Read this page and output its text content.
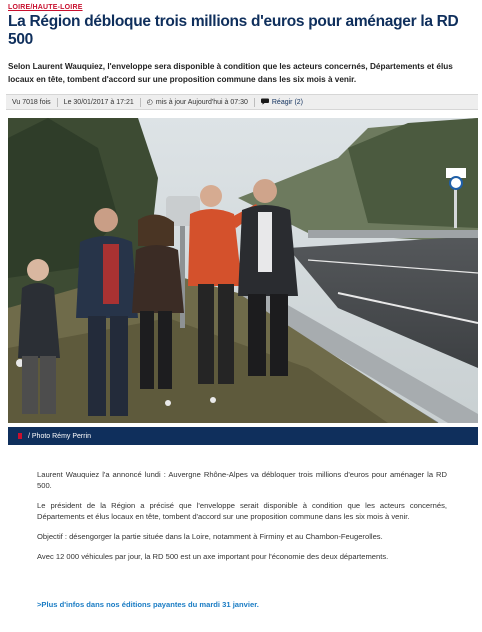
LOIRE/HAUTE-LOIRE
La Région débloque trois millions d'euros pour aménager la RD 500
Selon Laurent Wauquiez, l'enveloppe sera disponible à condition que les acteurs concernés, Départements et élus locaux en tête, tombent d'accord sur une proposition commune dans les six mois à venir.
Vu 7018 fois Le 30/01/2017 à 17:21 ◴ mis à jour Aujourd'hui à 07:30	Réagir (2)
/ Photo Rémy Perrin

Laurent Wauquiez l'a annoncé lundi : Auvergne Rhône-Alpes va débloquer trois millions d'euros pour aménager la RD 500.

Le président de la Région a précisé que l'enveloppe serait disponible à condition que les acteurs concernés, Départements et élus locaux en tête, tombent d'accord sur une proposition commune dans les six mois à venir.

Objectif : désengorger la partie située dans la Loire, notamment à Firminy et au Chambon-Feugerolles.

Avec 12 000 véhicules par jour, la RD 500 est un axe important pour l'économie des deux départements.

>Plus d'infos dans nos éditions payantes du mardi 31 janvier.
